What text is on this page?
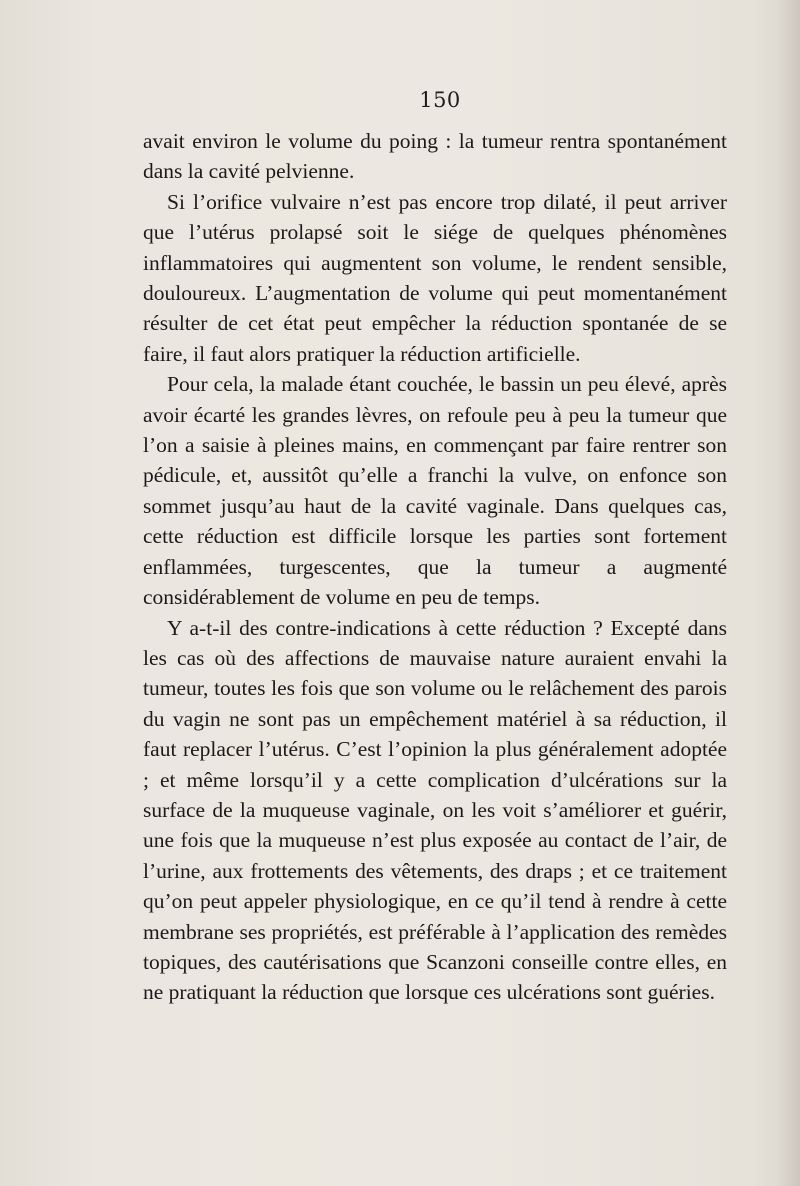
150

avait environ le volume du poing : la tumeur rentra spontanément dans la cavité pelvienne.

Si l’orifice vulvaire n’est pas encore trop dilaté, il peut arriver que l’utérus prolapsé soit le siége de quelques phénomènes inflammatoires qui augmentent son volume, le rendent sensible, douloureux. L’augmentation de volume qui peut momentanément résulter de cet état peut empêcher la réduction spontanée de se faire, il faut alors pratiquer la réduction artificielle.

Pour cela, la malade étant couchée, le bassin un peu élevé, après avoir écarté les grandes lèvres, on refoule peu à peu la tumeur que l’on a saisie à pleines mains, en commençant par faire rentrer son pédicule, et, aussitôt qu’elle a franchi la vulve, on enfonce son sommet jusqu’au haut de la cavité vaginale. Dans quelques cas, cette réduction est difficile lorsque les parties sont fortement enflammées, turgescentes, que la tumeur a augmenté considérablement de volume en peu de temps.

Y a-t-il des contre-indications à cette réduction ? Excepté dans les cas où des affections de mauvaise nature auraient envahi la tumeur, toutes les fois que son volume ou le relâchement des parois du vagin ne sont pas un empêchement matériel à sa réduction, il faut replacer l’utérus. C’est l’opinion la plus généralement adoptée ; et même lorsqu’il y a cette complication d’ulcérations sur la surface de la muqueuse vaginale, on les voit s’améliorer et guérir, une fois que la muqueuse n’est plus exposée au contact de l’air, de l’urine, aux frottements des vêtements, des draps ; et ce traitement qu’on peut appeler physiologique, en ce qu’il tend à rendre à cette membrane ses propriétés, est préférable à l’application des remèdes topiques, des cautérisations que Scanzoni conseille contre elles, en ne pratiquant la réduction que lorsque ces ulcérations sont guéries.
